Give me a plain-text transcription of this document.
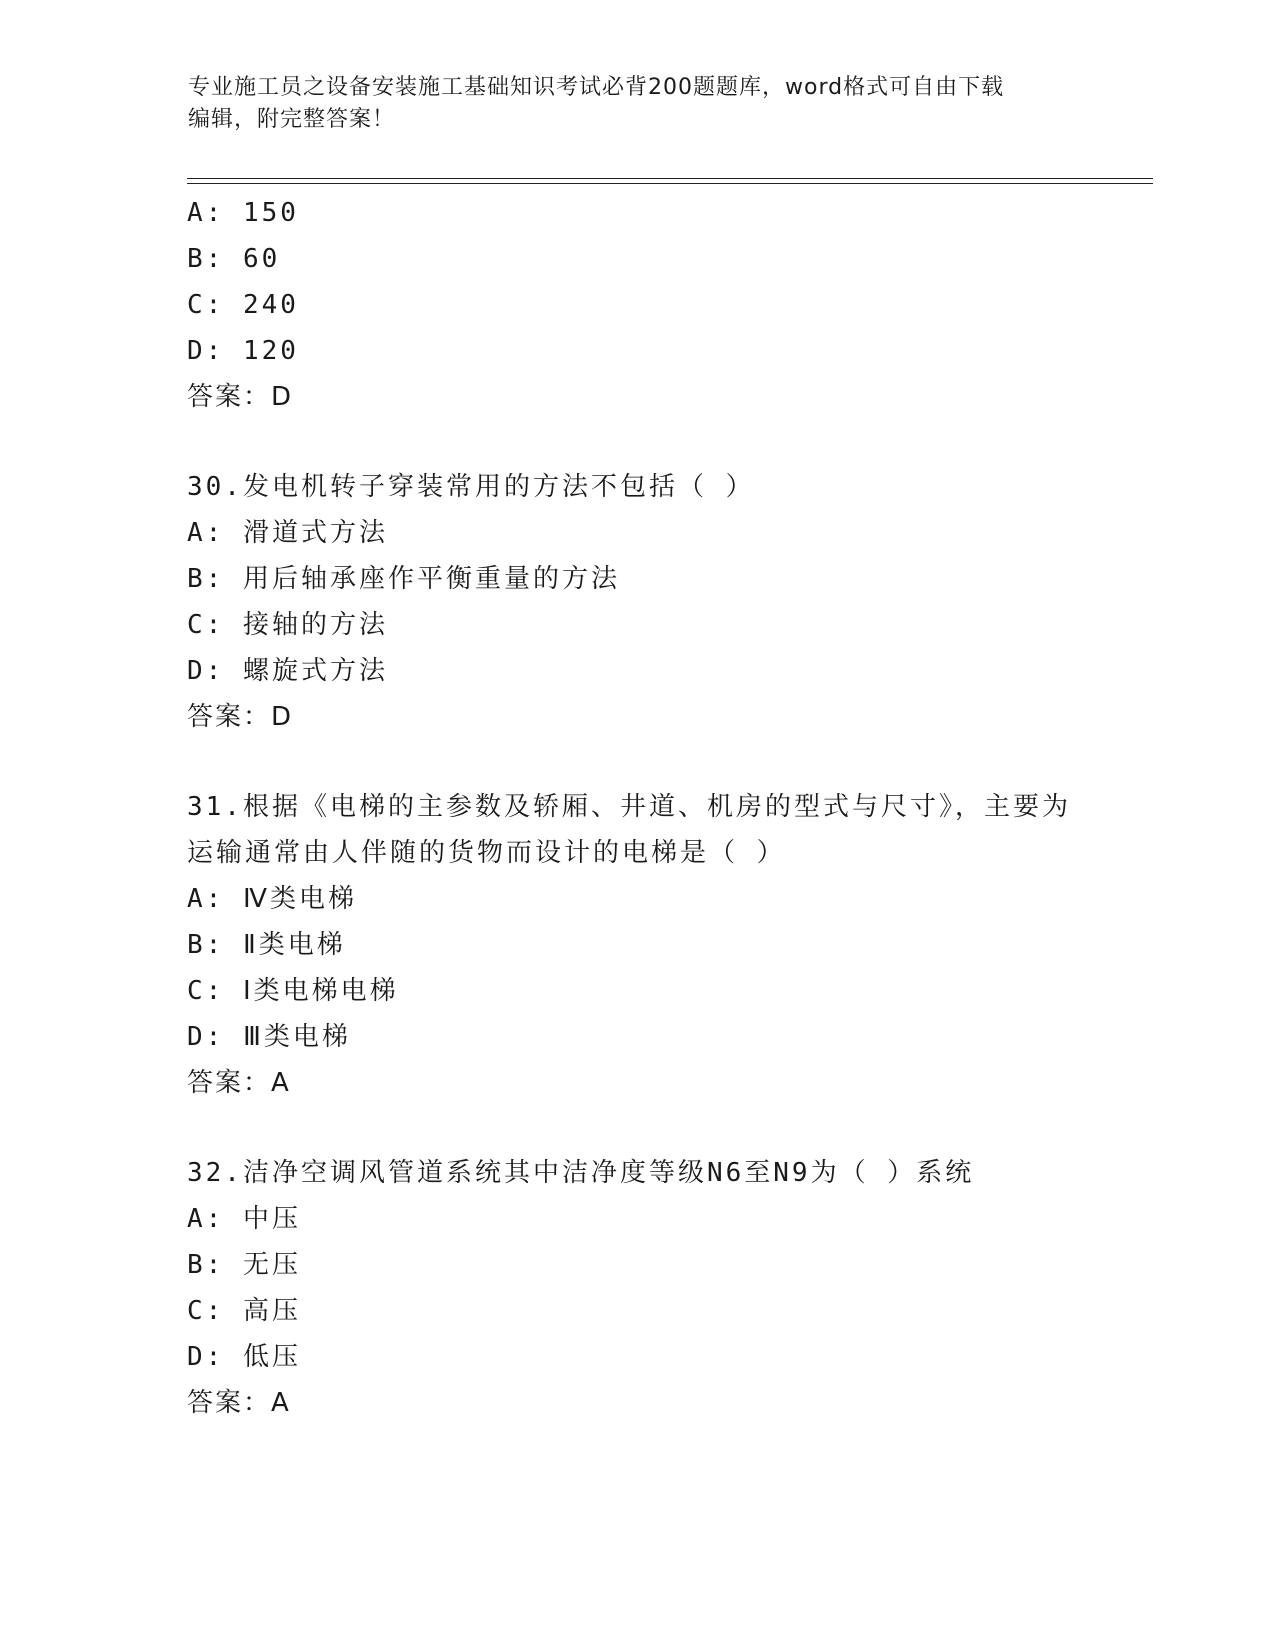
专业施工员之设备安装施工基础知识考试必背200题题库，word格式可自由下载
编辑，附完整答案！
A: 150
B: 60
C: 240
D: 120
答案：D
30.发电机转子穿装常用的方法不包括（ ）
A: 滑道式方法
B: 用后轴承座作平衡重量的方法
C: 接轴的方法
D: 螺旋式方法
答案：D
31.根据《电梯的主参数及轿厢、井道、机房的型式与尺寸》，主要为
运输通常由人伴随的货物而设计的电梯是（ ）
A: Ⅳ类电梯
B: Ⅱ类电梯
C: Ⅰ类电梯电梯
D: Ⅲ类电梯
答案：A
32.洁净空调风管道系统其中洁净度等级N6至N9为（ ）系统
A: 中压
B: 无压
C: 高压
D: 低压
答案：A
